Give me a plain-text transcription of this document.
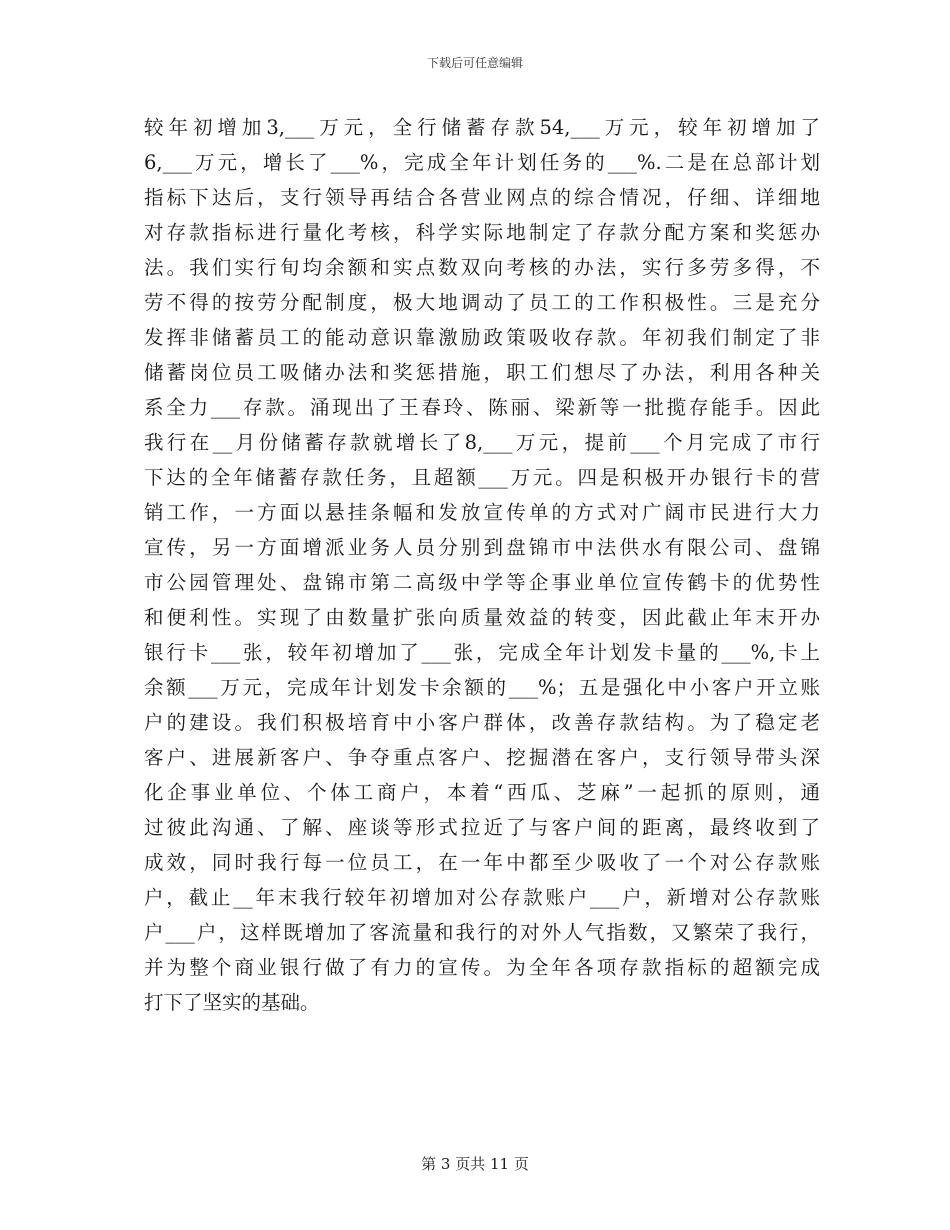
下载后可任意编辑
较年初增加3,___万元，全行储蓄存款54,___万元，较年初增加了
6,___万元，增长了___%，完成全年计划任务的___%.二是在总部计划
指标下达后，支行领导再结合各营业网点的综合情况，仔细、详细地
对存款指标进行量化考核，科学实际地制定了存款分配方案和奖惩办
法。我们实行旬均余额和实点数双向考核的办法，实行多劳多得，不
劳不得的按劳分配制度，极大地调动了员工的工作积极性。三是充分
发挥非储蓄员工的能动意识靠激励政策吸收存款。年初我们制定了非
储蓄岗位员工吸储办法和奖惩措施，职工们想尽了办法，利用各种关
系全力___存款。涌现出了王春玲、陈丽、梁新等一批揽存能手。因此
我行在__月份储蓄存款就增长了8,___万元，提前___个月完成了市行
下达的全年储蓄存款任务，且超额___万元。四是积极开办银行卡的营
销工作，一方面以悬挂条幅和发放宣传单的方式对广阔市民进行大力
宣传，另一方面增派业务人员分别到盘锦市中法供水有限公司、盘锦
市公园管理处、盘锦市第二高级中学等企事业单位宣传鹤卡的优势性
和便利性。实现了由数量扩张向质量效益的转变，因此截止年末开办
银行卡___张，较年初增加了___张，完成全年计划发卡量的___%,卡上
余额___万元，完成年计划发卡余额的___%；五是强化中小客户开立账
户的建设。我们积极培育中小客户群体，改善存款结构。为了稳定老
客户、进展新客户、争夺重点客户、挖掘潜在客户，支行领导带头深
化企事业单位、个体工商户，本着“西瓜、芝麻”一起抓的原则，通
过彼此沟通、了解、座谈等形式拉近了与客户间的距离，最终收到了
成效，同时我行每一位员工，在一年中都至少吸收了一个对公存款账
户，截止__年末我行较年初增加对公存款账户___户，新增对公存款账
户___户，这样既增加了客流量和我行的对外人气指数，又繁荣了我行，
并为整个商业银行做了有力的宣传。为全年各项存款指标的超额完成
打下了坚实的基础。
第 3 页共 11 页
